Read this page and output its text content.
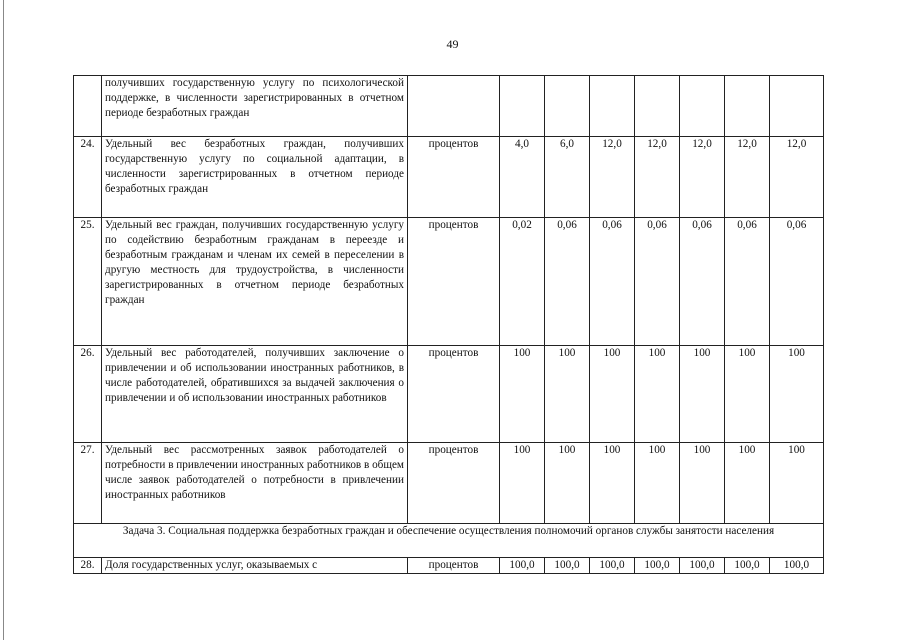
49
	получивших государственную услугу по психологической поддержке, в численности зарегистрированных в отчетном периоде безработных граждан								
24.	Удельный вес безработных граждан, получивших государственную услугу по социальной адаптации, в численности зарегистрированных в отчетном периоде безработных граждан	процентов	4,0	6,0	12,0	12,0	12,0	12,0	12,0
25.	Удельный вес граждан, получивших государственную услугу по содействию безработным гражданам в переезде и безработным гражданам и членам их семей в переселении в другую местность для трудоустройства, в численности зарегистрированных в отчетном периоде безработных граждан	процентов	0,02	0,06	0,06	0,06	0,06	0,06	0,06
26.	Удельный вес работодателей, получивших заключение о привлечении и об использовании иностранных работников, в числе работодателей, обратившихся за выдачей заключения о привлечении и об использовании иностранных работников	процентов	100	100	100	100	100	100	100
27.	Удельный вес рассмотренных заявок работодателей о потребности в привлечении иностранных работников в общем числе заявок работодателей о потребности в привлечении иностранных работников	процентов	100	100	100	100	100	100	100
Задача 3. Социальная поддержка безработных граждан и обеспечение осуществления полномочий органов службы занятости населения									
28.	Доля государственных услуг, оказываемых с	процентов	100,0	100,0	100,0	100,0	100,0	100,0	100,0
